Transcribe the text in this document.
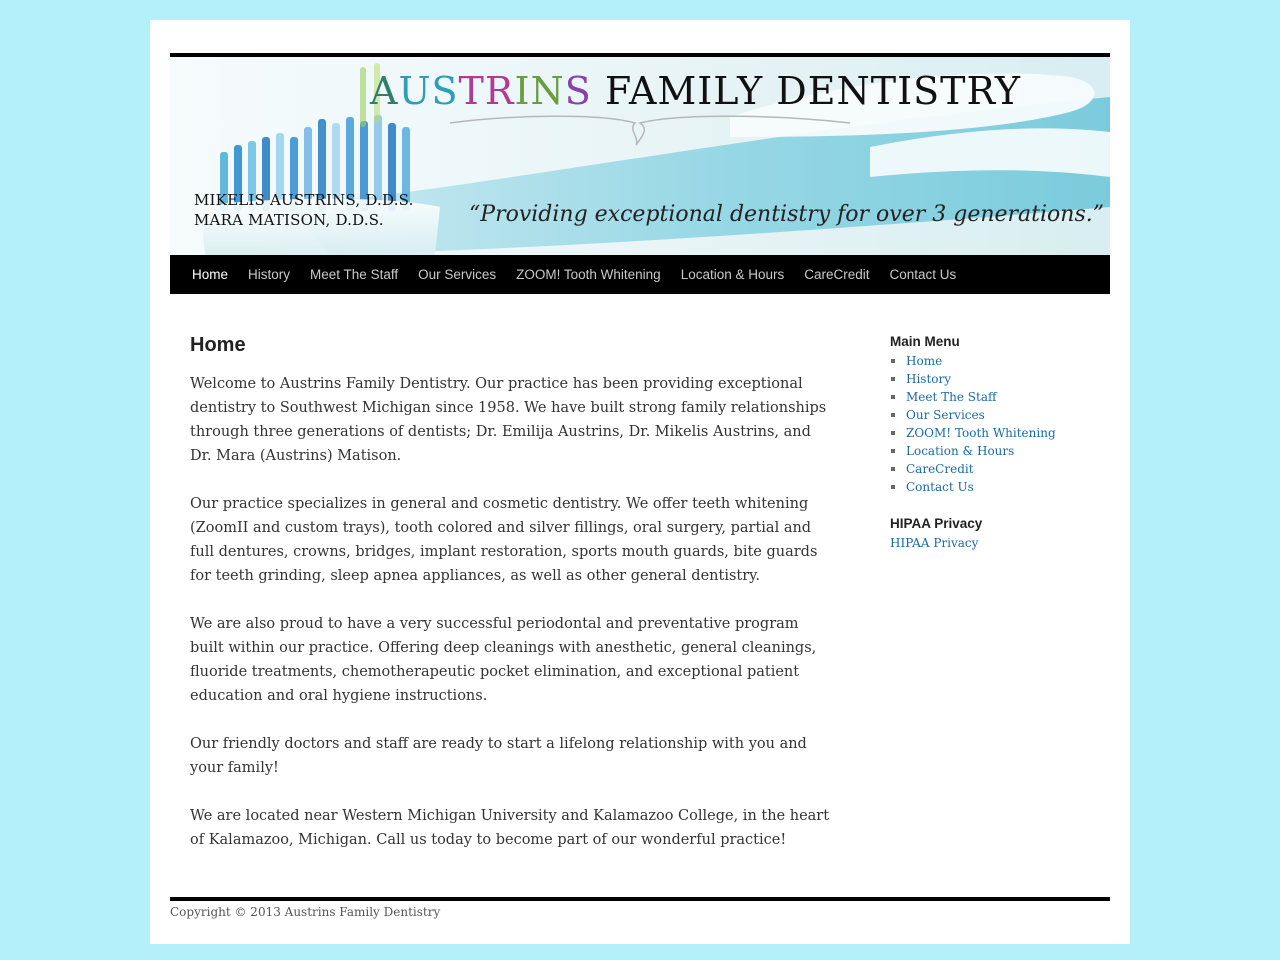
AUSTRINS FAMILY DENTISTRY
MIKELIS AUSTRINS, D.D.S.
MARA MATISON, D.D.S.	“Providing exceptional dentistry for over 3 generations.”
Home	History	Meet The Staff	Our Services	ZOOM! Tooth Whitening	Location & Hours	CareCredit	Contact Us
Home

Welcome to Austrins Family Dentistry. Our practice has been providing exceptional dentistry to Southwest Michigan since 1958. We have built strong family relationships through three generations of dentists; Dr. Emilija Austrins, Dr. Mikelis Austrins, and Dr. Mara (Austrins) Matison.

Our practice specializes in general and cosmetic dentistry. We offer teeth whitening (ZoomII and custom trays), tooth colored and silver fillings, oral surgery, partial and full dentures, crowns, bridges, implant restoration, sports mouth guards, bite guards for teeth grinding, sleep apnea appliances, as well as other general dentistry.

We are also proud to have a very successful periodontal and preventative program built within our practice. Offering deep cleanings with anesthetic, general cleanings, fluoride treatments, chemotherapeutic pocket elimination, and exceptional patient education and oral hygiene instructions.

Our friendly doctors and staff are ready to start a lifelong relationship with you and your family!

We are located near Western Michigan University and Kalamazoo College, in the heart of Kalamazoo, Michigan. Call us today to become part of our wonderful practice!

Main Menu
Home
History
Meet The Staff
Our Services
ZOOM! Tooth Whitening
Location & Hours
CareCredit
Contact Us
HIPAA Privacy
HIPAA Privacy
Copyright © 2013 Austrins Family Dentistry
